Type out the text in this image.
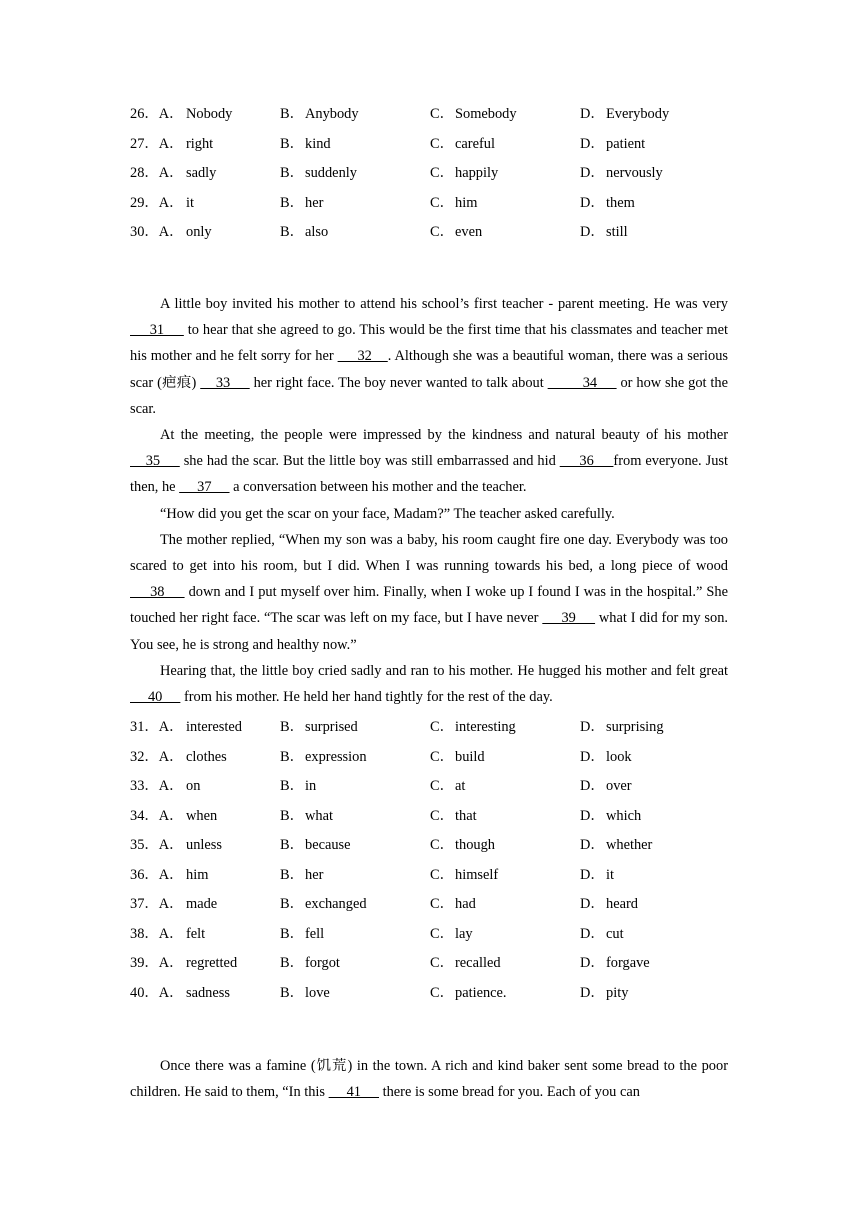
26．A． Nobody	B． Anybody	C． Somebody	D． Everybody
27．A． right	B． kind	C． careful	D． patient
28．A． sadly	B． suddenly	C． happily	D． nervously
29．A． it	B． her	C． him	D． them
30．A． only	B． also	C． even	D． still

A little boy invited his mother to attend his school’s first teacher - parent meeting. He was very      31      to hear that she agreed to go. This would be the first time that his classmates and teacher met his mother and he felt sorry for her      32    . Although she was a beautiful woman, there was a serious scar (疤痕)     33      her right face. The boy never wanted to talk about          34      or how she got the scar.

At the meeting, the people were impressed by the kindness and natural beauty of his mother    35      she had the scar. But the little boy was still embarrassed and hid      36     from everyone. Just then, he      37      a conversation between his mother and the teacher.

“How did you get the scar on your face, Madam?” The teacher asked carefully.

The mother replied, “When my son was a baby, his room caught fire one day. Everybody was too scared to get into his room, but I did. When I was running towards his bed, a long piece of wood      38      down and I put myself over him. Finally, when I woke up I found I was in the hospital.” She touched her right face. “The scar was left on my face, but I have never      39      what I did for my son. You see, he is strong and healthy now.”

Hearing that, the little boy cried sadly and ran to his mother. He hugged his mother and felt great      40      from his mother. He held her hand tightly for the rest of the day.

31．A． interested	B． surprised	C． interesting	D． surprising
32．A． clothes	B． expression	C． build	D． look
33．A． on	B． in	C． at	D． over
34．A． when	B． what	C． that	D． which
35．A． unless	B． because	C． though	D． whether
36．A． him	B． her	C． himself	D． it
37．A． made	B． exchanged	C． had	D． heard
38．A． felt	B． fell	C． lay	D． cut
39．A． regretted	B． forgot	C． recalled	D． forgave
40．A． sadness	B． love	C． patience.	D． pity

Once there was a famine (饥荒) in the town. A rich and kind baker sent some bread to the poor children. He said to them, “In this      41      there is some bread for you. Each of you can
